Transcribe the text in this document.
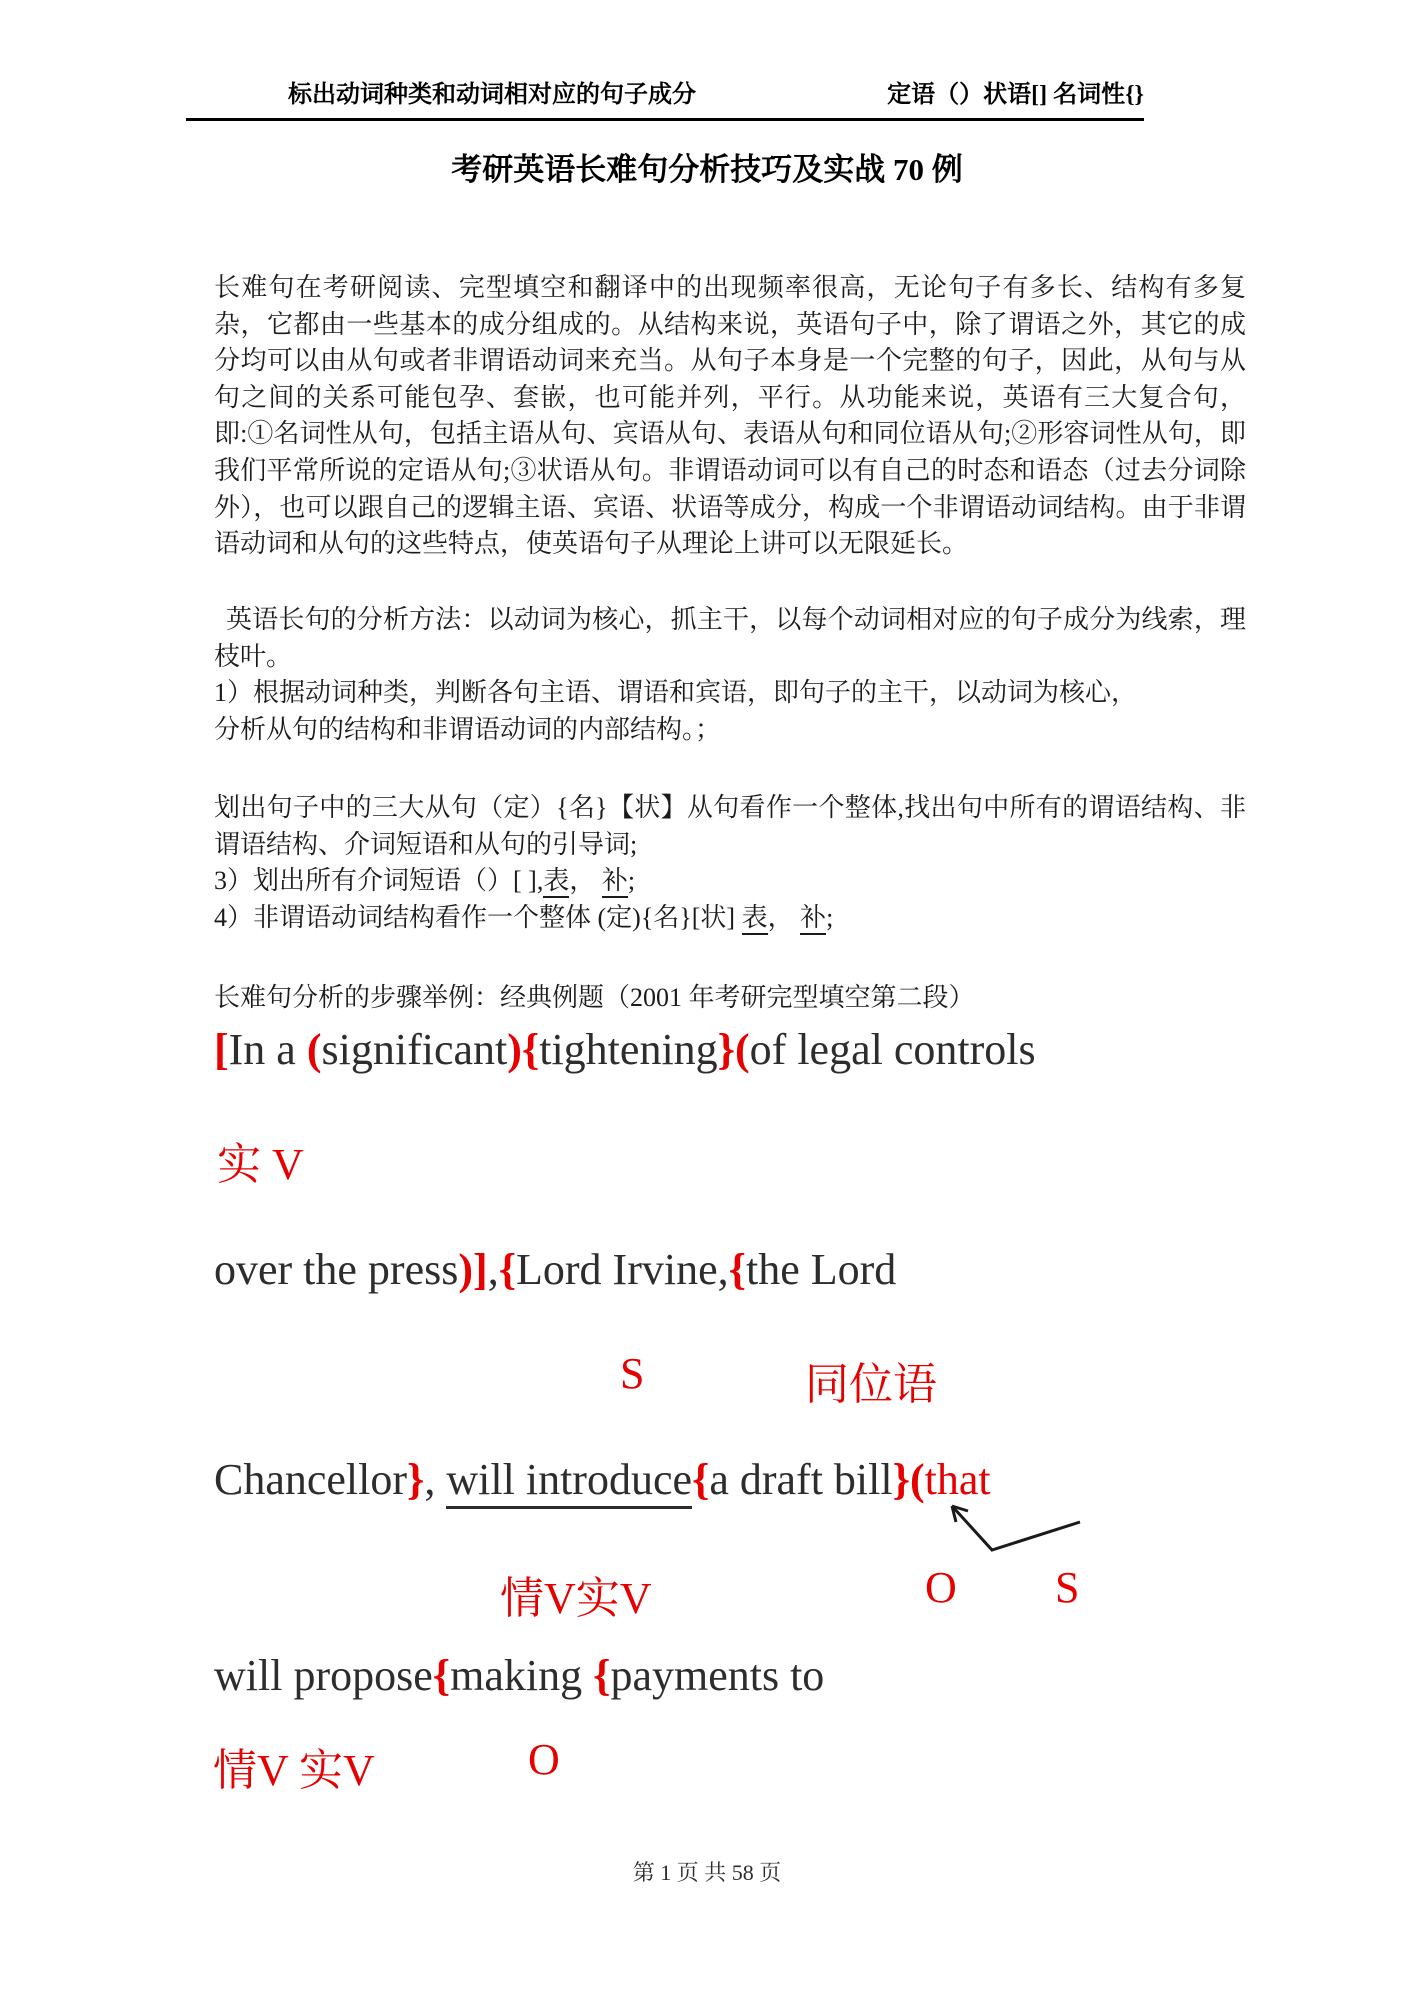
标出动词种类和动词相对应的句子成分	定语（）状语[] 名词性{}
考研英语长难句分析技巧及实战 70 例

长难句在考研阅读、完型填空和翻译中的出现频率很高，无论句子有多长、结构有多复杂，它都由一些基本的成分组成的。从结构来说，英语句子中，除了谓语之外，其它的成分均可以由从句或者非谓语动词来充当。从句子本身是一个完整的句子，因此，从句与从句之间的关系可能包孕、套嵌，也可能并列，平行。从功能来说，英语有三大复合句，即:①名词性从句，包括主语从句、宾语从句、表语从句和同位语从句;②形容词性从句，即我们平常所说的定语从句;③状语从句。非谓语动词可以有自己的时态和语态（过去分词除外），也可以跟自己的逻辑主语、宾语、状语等成分，构成一个非谓语动词结构。由于非谓语动词和从句的这些特点，使英语句子从理论上讲可以无限延长。

英语长句的分析方法：以动词为核心，抓主干，以每个动词相对应的句子成分为线索，理枝叶。

1）根据动词种类，判断各句主语、谓语和宾语，即句子的主干，以动词为核心，

分析从句的结构和非谓语动词的内部结构。；

划出句子中的三大从句（定）{名}【状】从句看作一个整体,找出句中所有的谓语结构、非谓语结构、介词短语和从句的引导词;

3）划出所有介词短语（）[ ],表， 补;

4）非谓语动词结构看作一个整体 (定){名}[状] 表， 补;

长难句分析的步骤举例：经典例题（2001 年考研完型填空第二段）

[In a (significant){tightening}(of legal controls
实 V
over the press)],{Lord Irvine,{the Lord
S	同位语
Chancellor}, will introduce{a draft bill}(that
情V实V	O S
will propose{making {payments to
情V 实V	O
第 1 页 共 58 页
